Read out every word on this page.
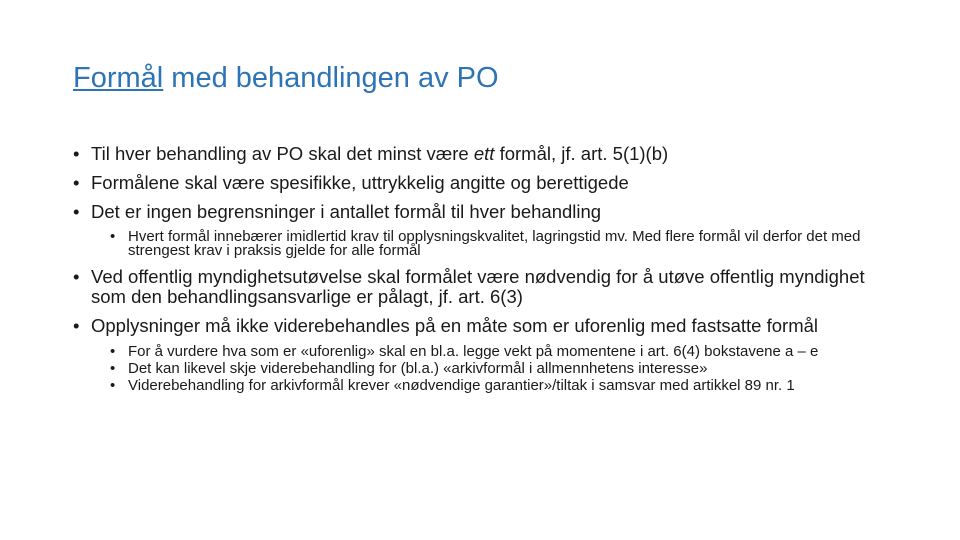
Formål med behandlingen av PO
• Til hver behandling av PO skal det minst være ett formål, jf. art. 5(1)(b)
• Formålene skal være spesifikke, uttrykkelig angitte og berettigede
• Det er ingen begrensninger i antallet formål til hver behandling
• Hvert formål innebærer imidlertid krav til opplysningskvalitet, lagringstid mv. Med flere formål vil derfor det med strengest krav i praksis gjelde for alle formål
• Ved offentlig myndighetsutøvelse skal formålet være nødvendig for å utøve offentlig myndighet som den behandlingsansvarlige er pålagt, jf. art. 6(3)
• Opplysninger må ikke viderebehandles på en måte som er uforenlig med fastsatte formål
• For å vurdere hva som er «uforenlig» skal en bl.a. legge vekt på momentene i art. 6(4) bokstavene a – e
• Det kan likevel skje viderebehandling for (bl.a.) «arkivformål i allmennhetens interesse»
• Viderebehandling for arkivformål krever «nødvendige garantier»/tiltak i samsvar med artikkel 89 nr. 1
